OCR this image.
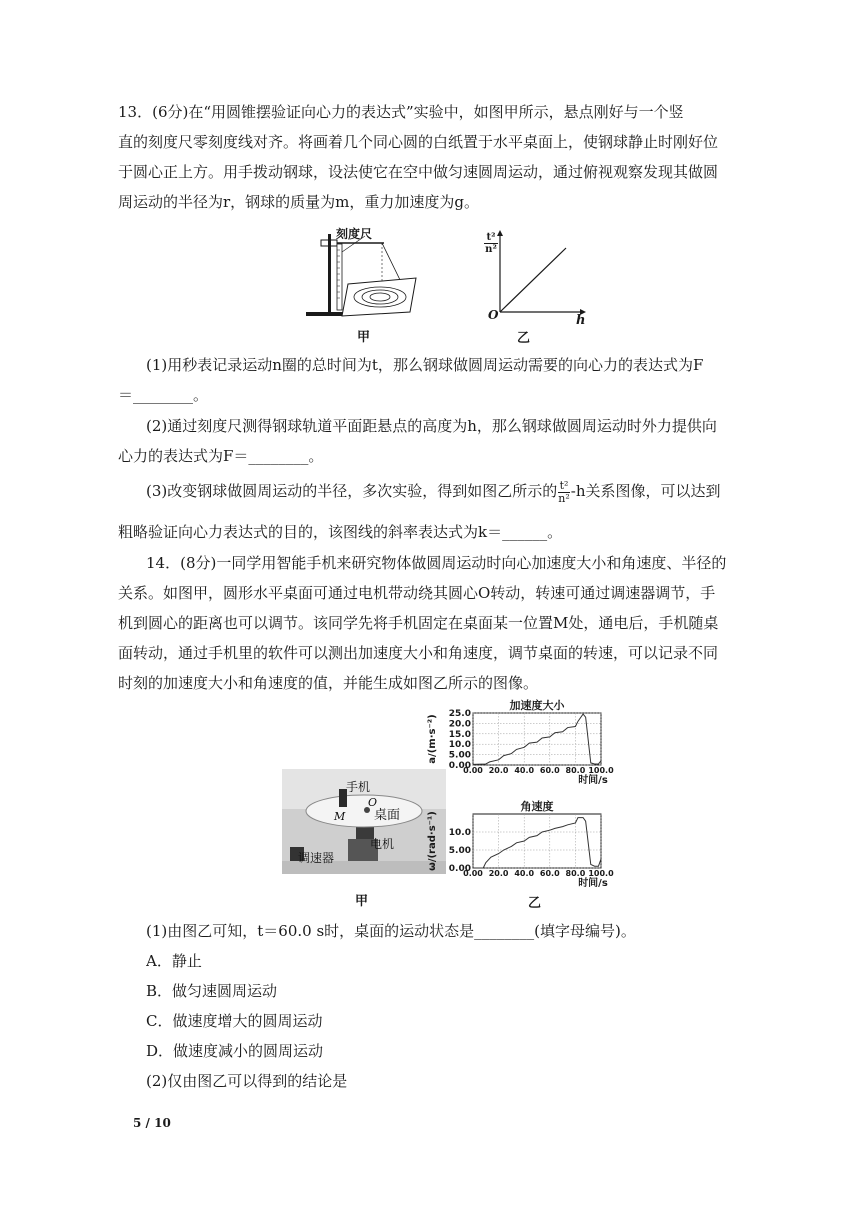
13．(6分)在“用圆锥摆验证向心力的表达式”实验中，如图甲所示，悬点刚好与一个竖
直的刻度尺零刻度线对齐。将画着几个同心圆的白纸置于水平桌面上，使钢球静止时刚好位
于圆心正上方。用手拨动钢球，设法使它在空中做匀速圆周运动，通过俯视观察发现其做圆
周运动的半径为r，钢球的质量为m，重力加速度为g。
刻度尺
甲
$\frac{\text{t²}}{\text{n²}}$
h
O
乙
(1)用秒表记录运动n圈的总时间为t，那么钢球做圆周运动需要的向心力的表达式为F
＝________。
(2)通过刻度尺测得钢球轨道平面距悬点的高度为h，那么钢球做圆周运动时外力提供向
心力的表达式为F＝________。
(3)改变钢球做圆周运动的半径，多次实验，得到如图乙所示的 $\frac{\text{t²}}{\text{n²}} -h$关系图像，可以达到
粗略验证向心力表达式的目的，该图线的斜率表达式为k＝______。
14．(8分)一同学用智能手机来研究物体做圆周运动时向心加速度大小和角速度、半径的
关系。如图甲，圆形水平桌面可通过电机带动绕其圆心O转动，转速可通过调速器调节，手
机到圆心的距离也可以调节。该同学先将手机固定在桌面某一位置M处，通电后，手机随桌
面转动，通过手机里的软件可以测出加速度大小和角速度，调节桌面的转速，可以记录不同
时刻的加速度大小和角速度的值，并能生成如图乙所示的图像。
手机
O
M 桌面
电机
调速器
甲
加速度大小
0.00 20.0 40.0 60.0 80.0 100.0
0.00
5.00
10.0
15.0
20.0
25.0
时间/s
a/(m·s⁻²)
角速度
0.00 20.0 40.0 60.0 80.0 100.0
0.00
5.00
10.0
时间/s
ω/(rad·s⁻¹)
乙
(1)由图乙可知，t＝60.0 s时，桌面的运动状态是________(填字母编号)。
A．静止
B．做匀速圆周运动
C．做速度增大的圆周运动
D．做速度减小的圆周运动
(2)仅由图乙可以得到的结论是
5 / 10
